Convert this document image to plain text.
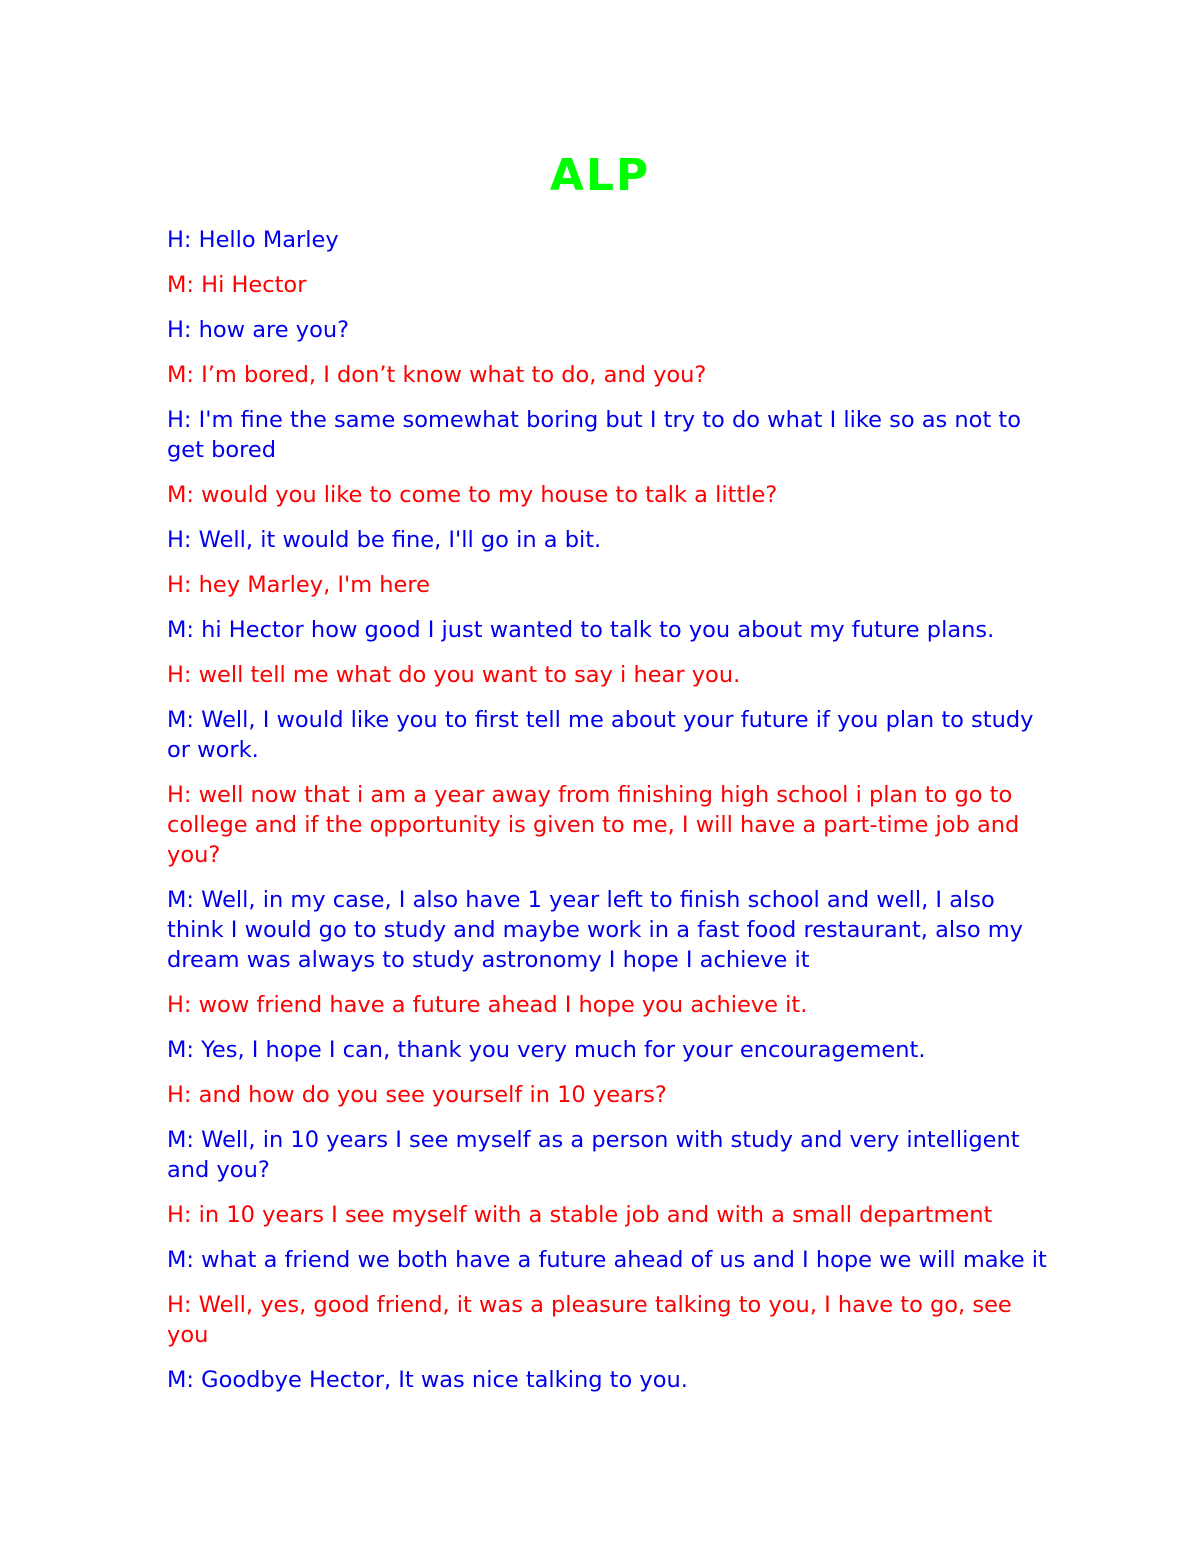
ALP
H: Hello Marley
M: Hi Hector
H: how are you?
M: I’m bored, I don’t know what to do, and you?
H: I'm fine the same somewhat boring but I try to do what I like so as not to get bored
M: would you like to come to my house to talk a little?
H: Well, it would be fine, I'll go in a bit.
H: hey Marley, I'm here
M: hi Hector how good I just wanted to talk to you about my future plans.
H: well tell me what do you want to say i hear you.
M: Well, I would like you to first tell me about your future if you plan to study or work.
H: well now that i am a year away from finishing high school i plan to go to college and if the opportunity is given to me, I will have a part-time job and you?
M: Well, in my case, I also have 1 year left to finish school and well, I also think I would go to study and maybe work in a fast food restaurant, also my dream was always to study astronomy I hope I achieve it
H: wow friend have a future ahead I hope you achieve it.
M: Yes, I hope I can, thank you very much for your encouragement.
H: and how do you see yourself in 10 years?
M: Well, in 10 years I see myself as a person with study and very intelligent and you?
H: in 10 years I see myself with a stable job and with a small department
M: what a friend we both have a future ahead of us and I hope we will make it
H: Well, yes, good friend, it was a pleasure talking to you, I have to go, see you
M: Goodbye Hector, It was nice talking to you.
